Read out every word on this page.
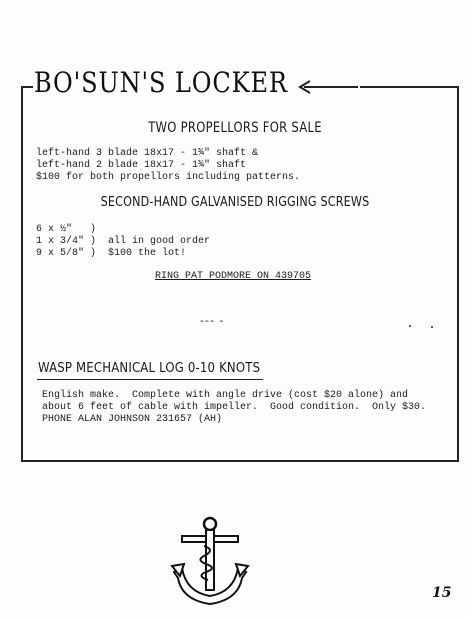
BO'SUN'S LOCKER
TWO PROPELLORS FOR SALE
left-hand 3 blade 18x17 - 1¾" shaft &
left-hand 2 blade 18x17 - 1¾" shaft
$100 for both propellors including patterns.
SECOND-HAND GALVANISED RIGGING SCREWS
6 x ½"   )
1 x 3/4" )  all in good order
9 x 5/8" )  $100 the lot!
RING PAT PODMORE ON 439705
--- -
WASP MECHANICAL LOG 0-10 KNOTS
English make.  Complete with angle drive (cost $20 alone) and
about 6 feet of cable with impeller.  Good condition.  Only $30.
PHONE ALAN JOHNSON 231657 (AH)
15
